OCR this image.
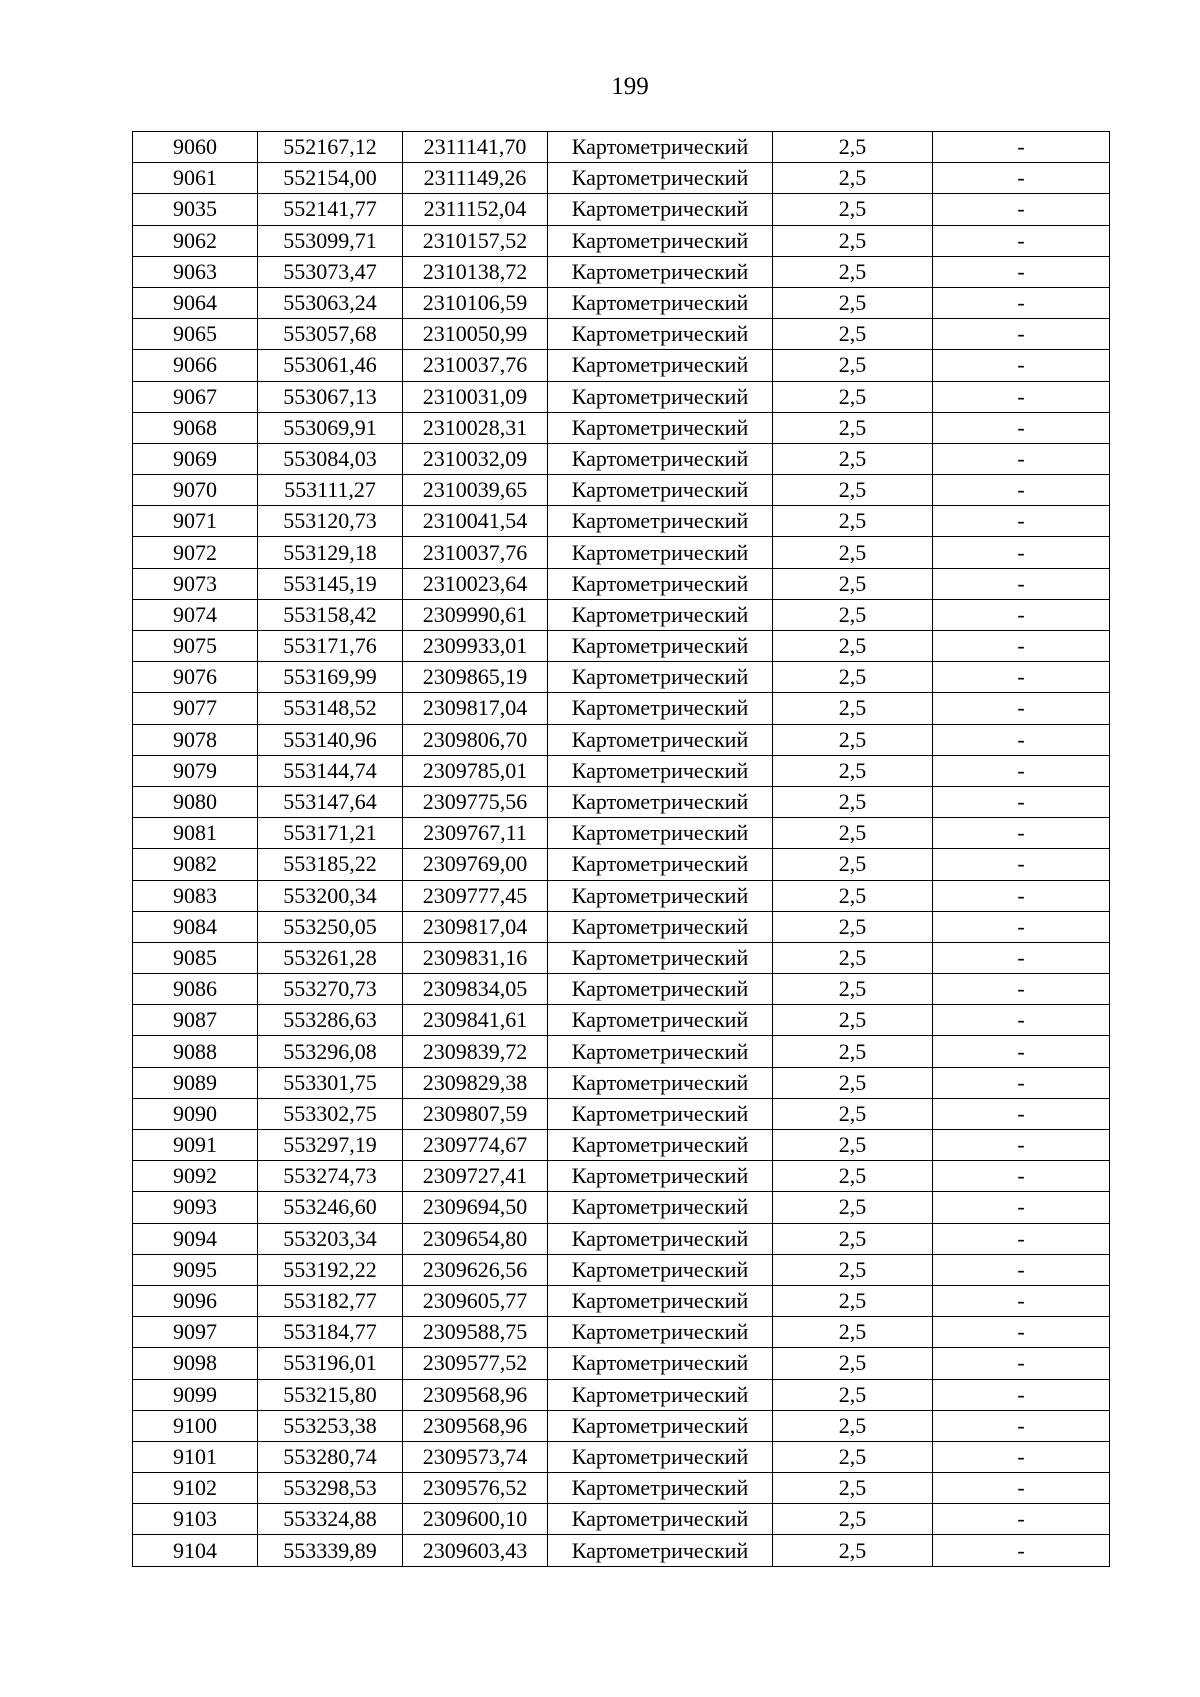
199
9060	552167,12	2311141,70	Картометрический	2,5	-
9061	552154,00	2311149,26	Картометрический	2,5	-
9035	552141,77	2311152,04	Картометрический	2,5	-
9062	553099,71	2310157,52	Картометрический	2,5	-
9063	553073,47	2310138,72	Картометрический	2,5	-
9064	553063,24	2310106,59	Картометрический	2,5	-
9065	553057,68	2310050,99	Картометрический	2,5	-
9066	553061,46	2310037,76	Картометрический	2,5	-
9067	553067,13	2310031,09	Картометрический	2,5	-
9068	553069,91	2310028,31	Картометрический	2,5	-
9069	553084,03	2310032,09	Картометрический	2,5	-
9070	553111,27	2310039,65	Картометрический	2,5	-
9071	553120,73	2310041,54	Картометрический	2,5	-
9072	553129,18	2310037,76	Картометрический	2,5	-
9073	553145,19	2310023,64	Картометрический	2,5	-
9074	553158,42	2309990,61	Картометрический	2,5	-
9075	553171,76	2309933,01	Картометрический	2,5	-
9076	553169,99	2309865,19	Картометрический	2,5	-
9077	553148,52	2309817,04	Картометрический	2,5	-
9078	553140,96	2309806,70	Картометрический	2,5	-
9079	553144,74	2309785,01	Картометрический	2,5	-
9080	553147,64	2309775,56	Картометрический	2,5	-
9081	553171,21	2309767,11	Картометрический	2,5	-
9082	553185,22	2309769,00	Картометрический	2,5	-
9083	553200,34	2309777,45	Картометрический	2,5	-
9084	553250,05	2309817,04	Картометрический	2,5	-
9085	553261,28	2309831,16	Картометрический	2,5	-
9086	553270,73	2309834,05	Картометрический	2,5	-
9087	553286,63	2309841,61	Картометрический	2,5	-
9088	553296,08	2309839,72	Картометрический	2,5	-
9089	553301,75	2309829,38	Картометрический	2,5	-
9090	553302,75	2309807,59	Картометрический	2,5	-
9091	553297,19	2309774,67	Картометрический	2,5	-
9092	553274,73	2309727,41	Картометрический	2,5	-
9093	553246,60	2309694,50	Картометрический	2,5	-
9094	553203,34	2309654,80	Картометрический	2,5	-
9095	553192,22	2309626,56	Картометрический	2,5	-
9096	553182,77	2309605,77	Картометрический	2,5	-
9097	553184,77	2309588,75	Картометрический	2,5	-
9098	553196,01	2309577,52	Картометрический	2,5	-
9099	553215,80	2309568,96	Картометрический	2,5	-
9100	553253,38	2309568,96	Картометрический	2,5	-
9101	553280,74	2309573,74	Картометрический	2,5	-
9102	553298,53	2309576,52	Картометрический	2,5	-
9103	553324,88	2309600,10	Картометрический	2,5	-
9104	553339,89	2309603,43	Картометрический	2,5	-
